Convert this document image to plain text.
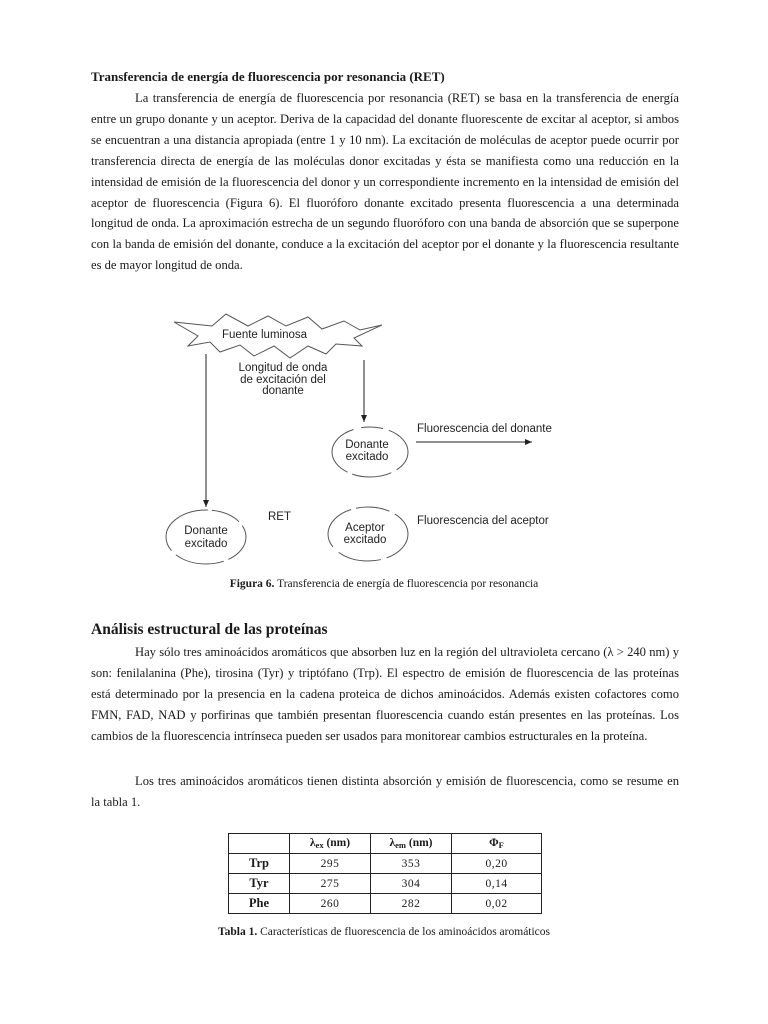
Transferencia de energía de fluorescencia por resonancia (RET)

La transferencia de energía de fluorescencia por resonancia (RET) se basa en la transferencia de energía entre un grupo donante y un aceptor. Deriva de la capacidad del donante fluorescente de excitar al aceptor, si ambos se encuentran a una distancia apropiada (entre 1 y 10 nm). La excitación de moléculas de aceptor puede ocurrir por transferencia directa de energía de las moléculas donor excitadas y ésta se manifiesta como una reducción en la intensidad de emisión de la fluorescencia del donor y un correspondiente incremento en la intensidad de emisión del aceptor de fluorescencia (Figura 6). El fluoróforo donante excitado presenta fluorescencia a una determinada longitud de onda. La aproximación estrecha de un segundo fluoróforo con una banda de absorción que se superpone con la banda de emisión del donante, conduce a la excitación del aceptor por el donante y la fluorescencia resultante es de mayor longitud de onda.

Fuente luminosa
Longitud de onda
de excitación del
donante
Donante
excitado
Fluorescencia del donante
Fluorescencia del aceptor
RET
Donante
excitado
Aceptor
excitado

Figura 6. Transferencia de energía de fluorescencia por resonancia

Análisis estructural de las proteínas

Hay sólo tres aminoácidos aromáticos que absorben luz en la región del ultravioleta cercano (λ > 240 nm) y son: fenilalanina (Phe), tirosina (Tyr) y triptófano (Trp). El espectro de emisión de fluorescencia de las proteínas está determinado por la presencia en la cadena proteica de dichos aminoácidos. Además existen cofactores como FMN, FAD, NAD y porfirinas que también presentan fluorescencia cuando están presentes en las proteínas. Los cambios de la fluorescencia intrínseca pueden ser usados para monitorear cambios estructurales en la proteína.

Los tres aminoácidos aromáticos tienen distinta absorción y emisión de fluorescencia, como se resume en la tabla 1.

	$\lambda_{ex}$ (nm)	$\lambda_{em}$ (nm)	$\Phi_F$
Trp	295	353	0,20
Tyr	275	304	0,14
Phe	260	282	0,02

Tabla 1. Características de fluorescencia de los aminoácidos aromáticos
